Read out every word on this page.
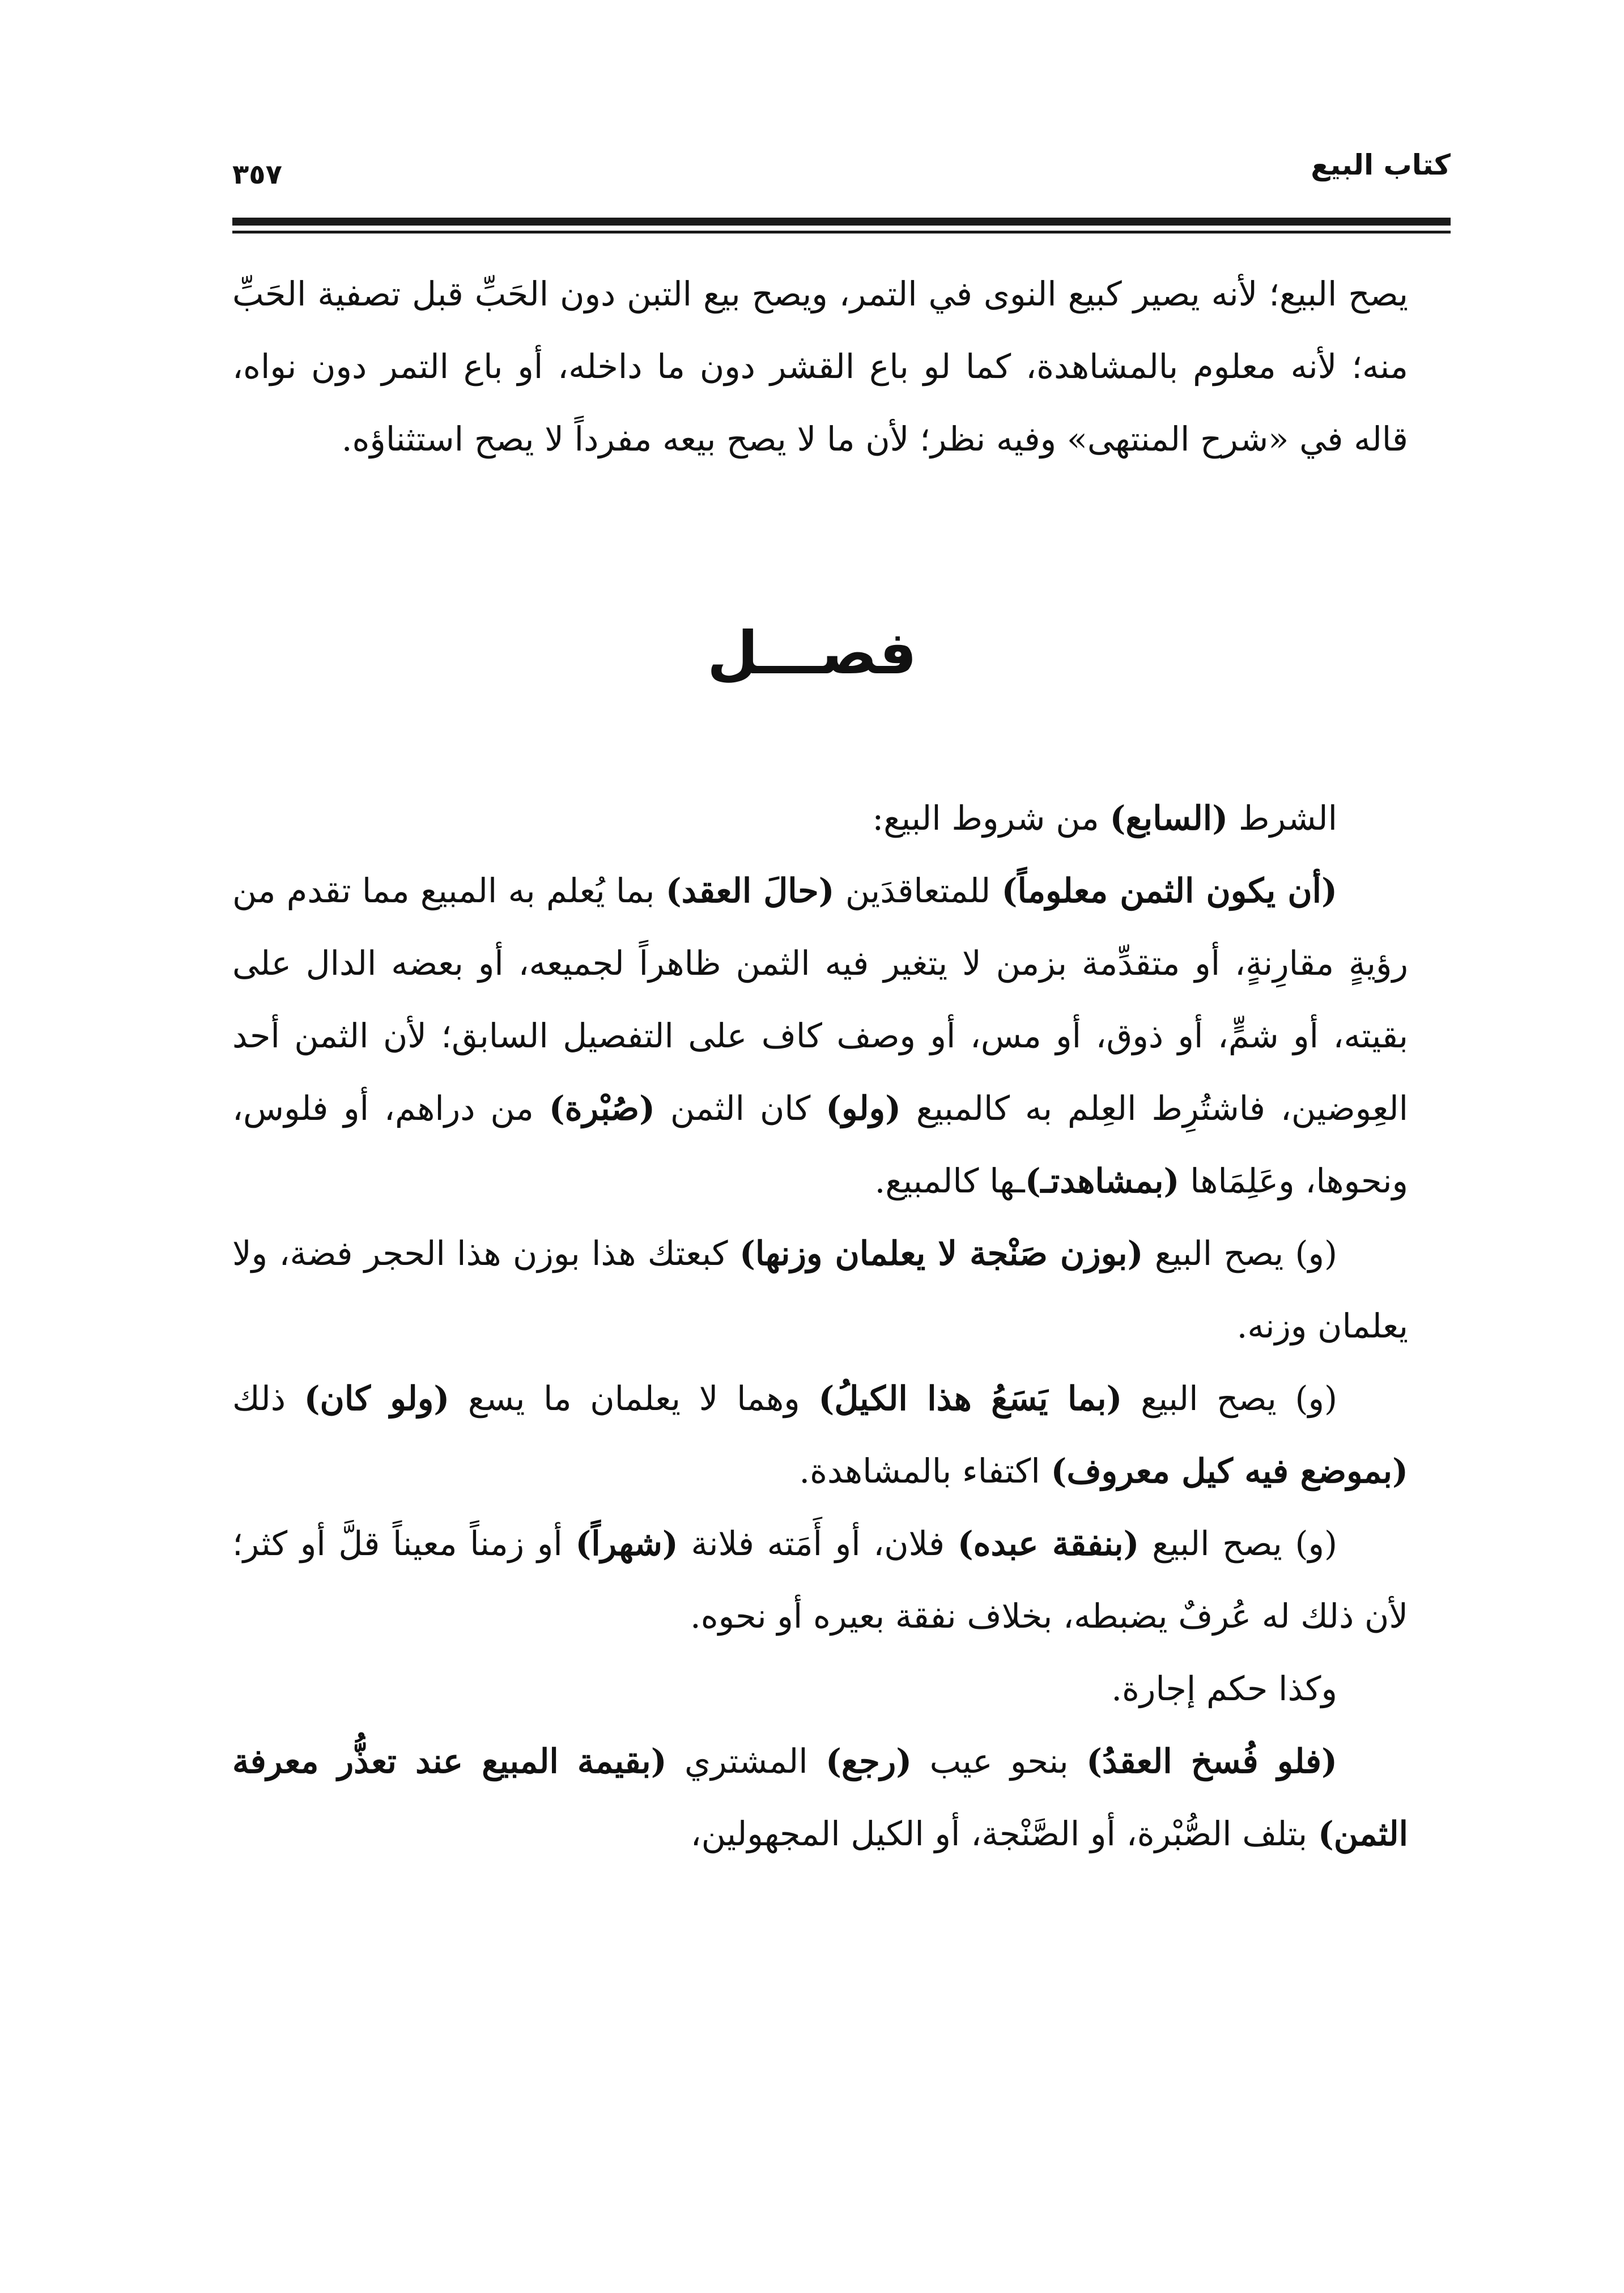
كتاب البيع
٣٥٧

يصح البيع؛ لأنه يصير كبيع النوى في التمر، ويصح بيع التبن دون الحَبِّ قبل تصفية الحَبِّ منه؛ لأنه معلوم بالمشاهدة، كما لو باع القشر دون ما داخله، أو باع التمر دون نواه، قاله في «شرح المنتهى» وفيه نظر؛ لأن ما لا يصح بيعه مفرداً لا يصح استثناؤه.

فصـــل

الشرط (السابع) من شروط البيع:

(أن يكون الثمن معلوماً) للمتعاقدَين (حالَ العقد) بما يُعلم به المبيع مما تقدم من رؤيةٍ مقارِنةٍ، أو متقدِّمة بزمن لا يتغير فيه الثمن ظاهراً لجميعه، أو بعضه الدال على بقيته، أو شمٍّ، أو ذوق، أو مس، أو وصف كاف على التفصيل السابق؛ لأن الثمن أحد العِوضين، فاشتُرِط العِلم به كالمبيع (ولو) كان الثمن (صُبْرة) من دراهم، أو فلوس، ونحوها، وعَلِمَاها (بمشاهدتـ)ـها كالمبيع.

(و) يصح البيع (بوزن صَنْجة لا يعلمان وزنها) كبعتك هذا بوزن هذا الحجر فضة، ولا يعلمان وزنه.

(و) يصح البيع (بما يَسَعُ هذا الكيلُ) وهما لا يعلمان ما يسع (ولو كان) ذلك (بموضع فيه كيل معروف) اكتفاء بالمشاهدة.

(و) يصح البيع (بنفقة عبده) فلان، أو أَمَته فلانة (شهراً) أو زمناً معيناً قلَّ أو كثر؛ لأن ذلك له عُرفٌ يضبطه، بخلاف نفقة بعيره أو نحوه.

وكذا حكم إجارة.

(فلو فُسخ العقدُ) بنحو عيب (رجع) المشتري (بقيمة المبيع عند تعذُّر معرفة الثمن) بتلف الصُّبْرة، أو الصَّنْجة، أو الكيل المجهولين،
